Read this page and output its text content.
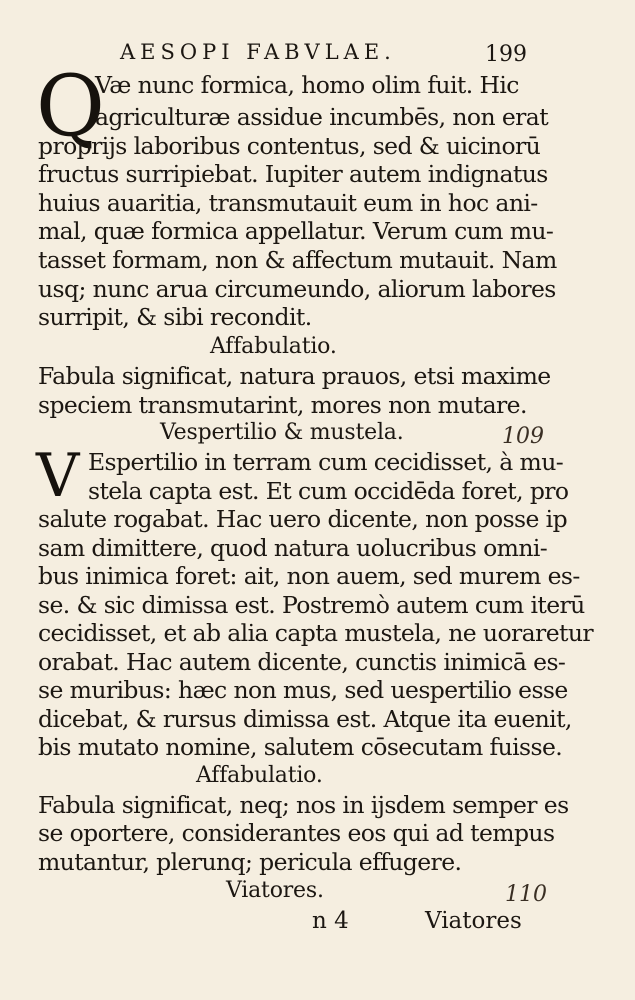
AESOPI FABVLAE.	199
Q
Væ nunc formica, homo olim fuit. Hic
agriculturæ assidue incumbēs, non erat
proprijs laboribus contentus, sed & uicinorū
fructus surripiebat. Iupiter autem indignatus
huius auaritia, transmutauit eum in hoc ani-
mal, quæ formica appellatur. Verum cum mu-
tasset formam, non & affectum mutauit. Nam
usq; nunc arua circumeundo, aliorum labores
surripit, & sibi recondit.
Affabulatio.
Fabula significat, natura prauos, etsi maxime
speciem transmutarint, mores non mutare.
Vespertilio & mustela.	109
V Espertilio in terram cum cecidisset, à mu-
stela capta est. Et cum occidēda foret, pro
salute rogabat. Hac uero dicente, non posse ip
sam dimittere, quod natura uolucribus omni-
bus inimica foret: ait, non auem, sed murem es-
se. & sic dimissa est. Postremò autem cum iterū
cecidisset, et ab alia capta mustela, ne uoraretur
orabat. Hac autem dicente, cunctis inimicā es-
se muribus: hæc non mus, sed uespertilio esse
dicebat, & rursus dimissa est. Atque ita euenit,
bis mutato nomine, salutem cōsecutam fuisse.
Affabulatio.
Fabula significat, neq; nos in ijsdem semper es
se oportere, considerantes eos qui ad tempus
mutantur, plerunq; pericula effugere.
Viatores.	110
n 4	Viatores
